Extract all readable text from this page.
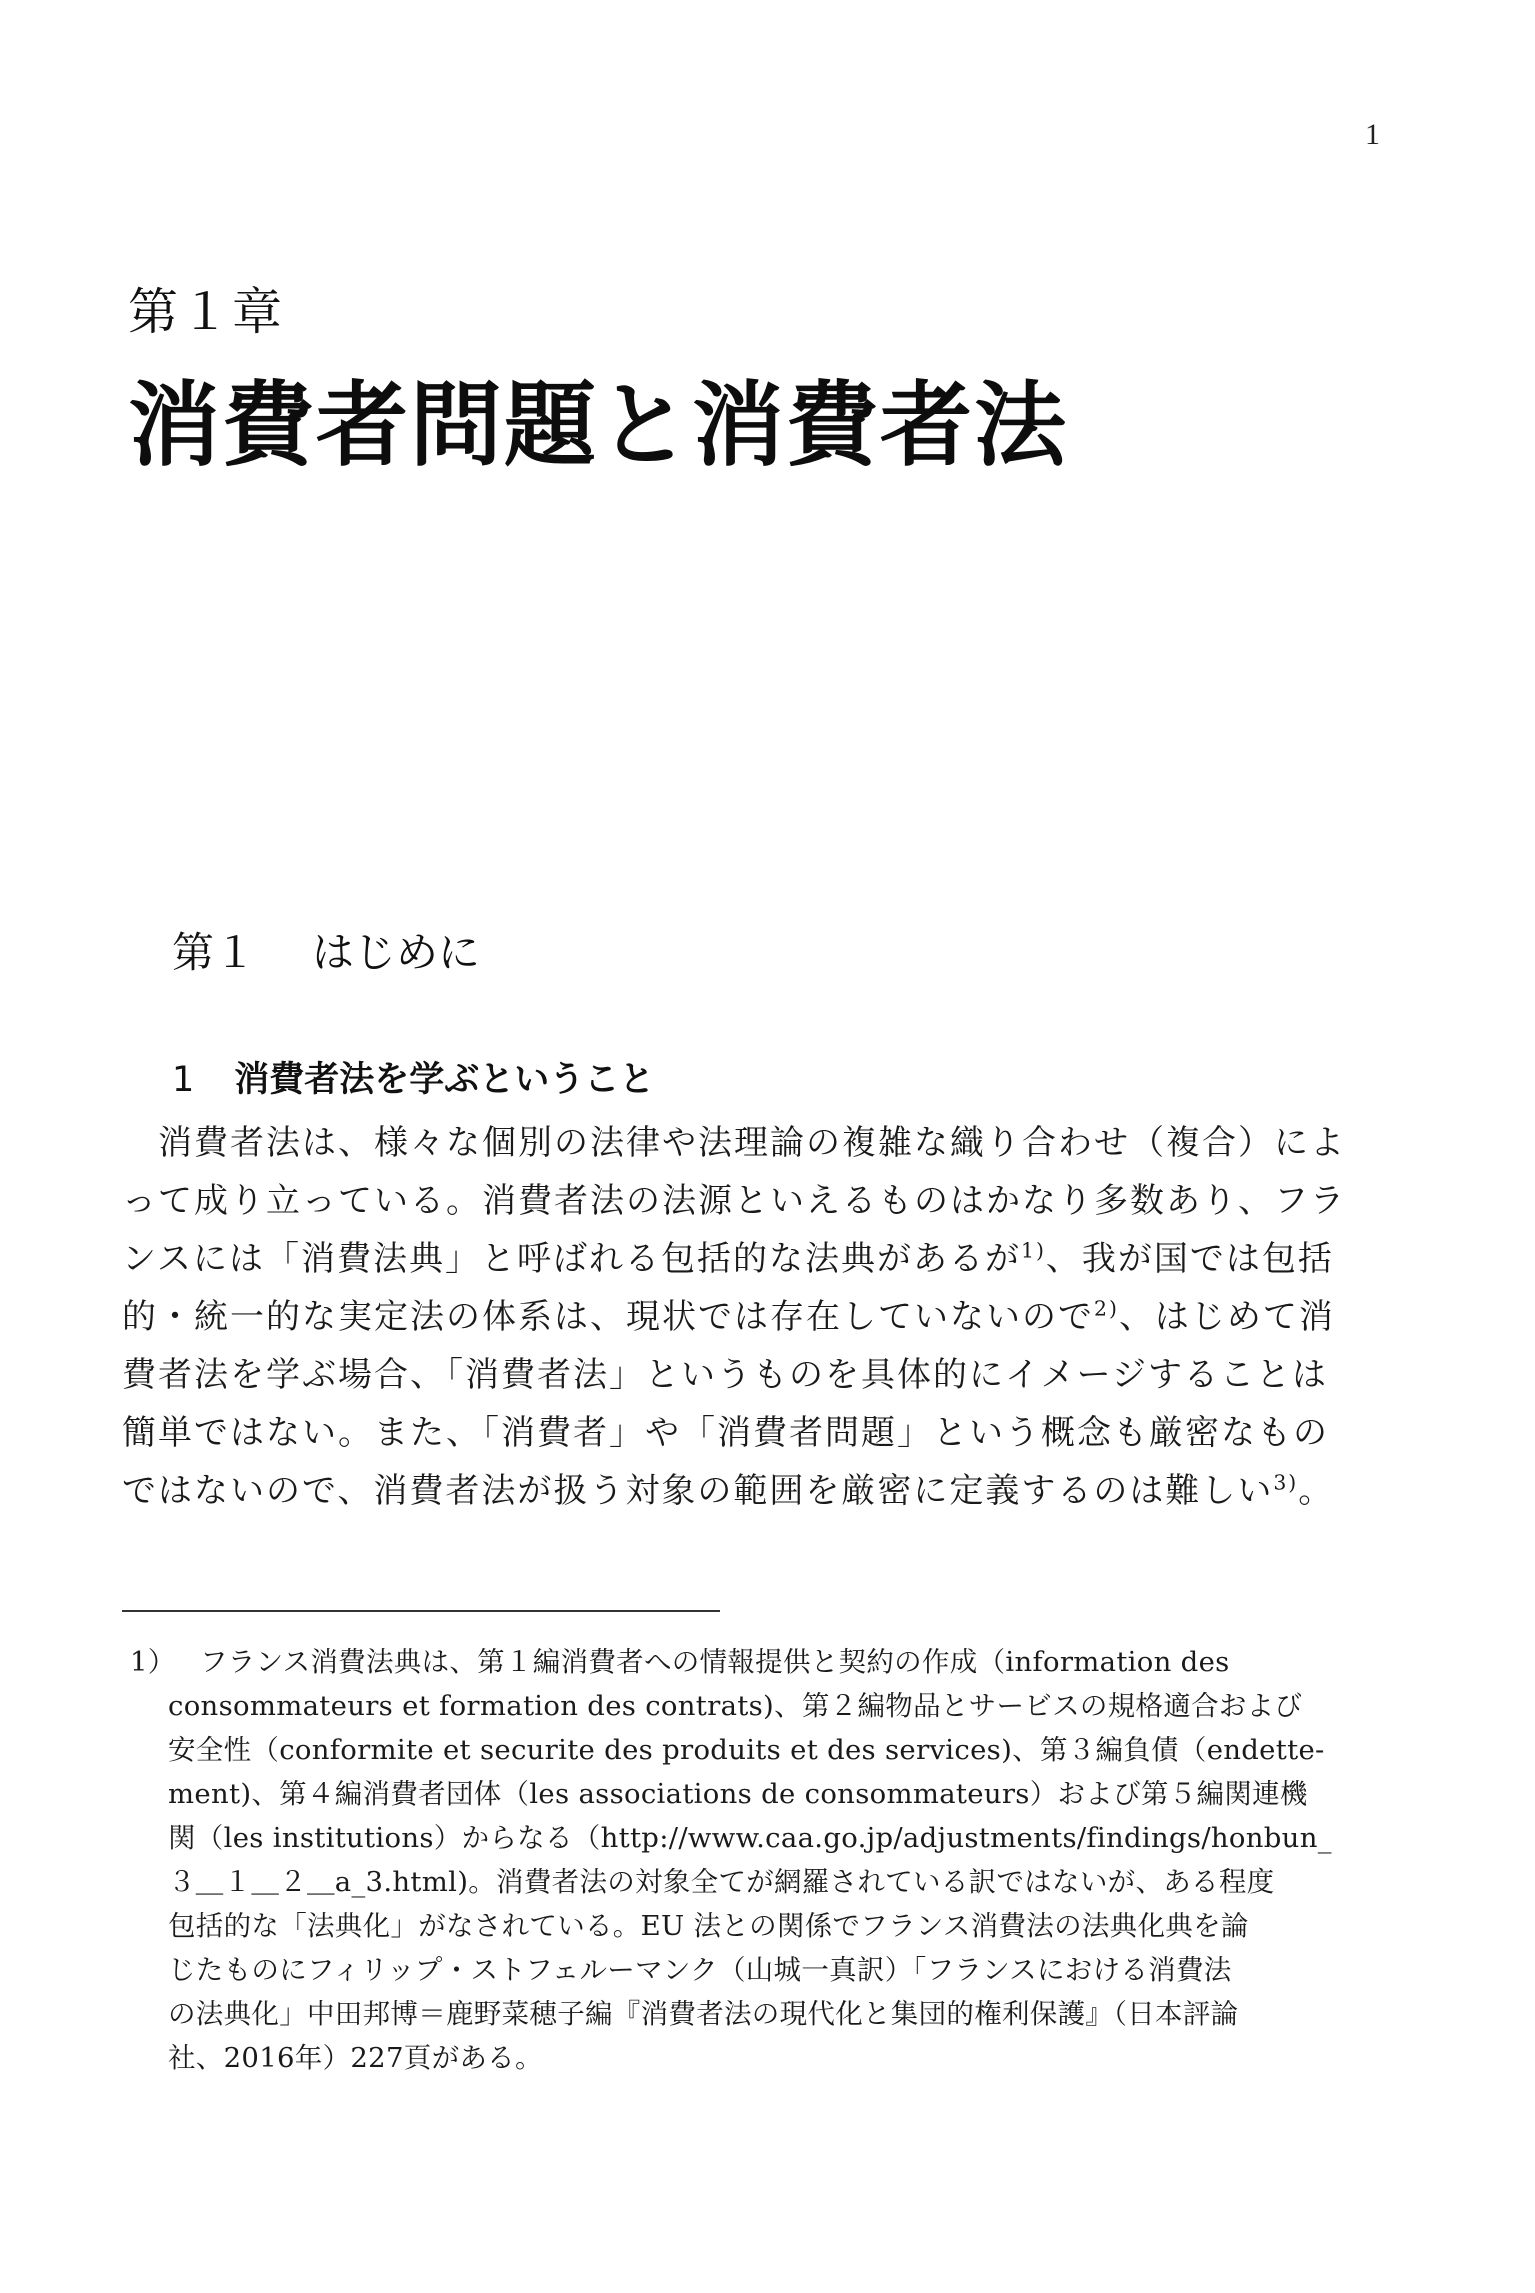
1
第１章
消費者問題と消費者法
第１ はじめに
1 消費者法を学ぶということ
消費者法は、様々な個別の法律や法理論の複雑な織り合わせ（複合）によ
って成り立っている。消費者法の法源といえるものはかなり多数あり、フラ
ンスには「消費法典」と呼ばれる包括的な法典があるが$^{1)}$、我が国では包括
的・統一的な実定法の体系は、現状では存在していないので$^{2)}$、はじめて消
費者法を学ぶ場合、「消費者法」というものを具体的にイメージすることは
簡単ではない。また、「消費者」や「消費者問題」という概念も厳密なもの
ではないので、消費者法が扱う対象の範囲を厳密に定義するのは難しい$^{3)}$。
1） フランス消費法典は、第１編消費者への情報提供と契約の作成（information des
consommateurs et formation des contrats)、第２編物品とサービスの規格適合および
安全性（conformite et securite des produits et des services)、第３編負債（endette-
ment)、第４編消費者団体（les associations de consommateurs）および第５編関連機
関（les institutions）からなる（http://www.caa.go.jp/adjustments/findings/honbun_
３＿１＿２＿a_3.html)。消費者法の対象全てが網羅されている訳ではないが、ある程度
包括的な「法典化」がなされている。EU 法との関係でフランス消費法の法典化典を論
じたものにフィリップ・ストフェルーマンク（山城一真訳）「フランスにおける消費法
の法典化」中田邦博＝鹿野菜穂子編『消費者法の現代化と集団的権利保護』（日本評論
社、2016年）227頁がある。
